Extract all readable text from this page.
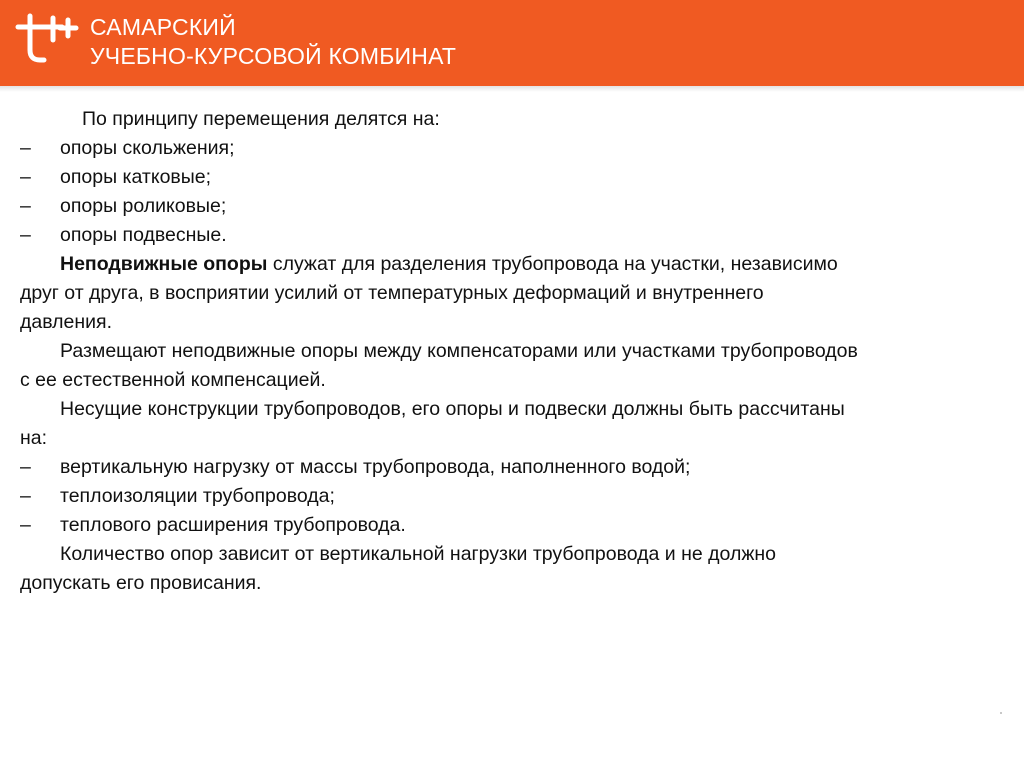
САМАРСКИЙ
УЧЕБНО-КУРСОВОЙ КОМБИНАТ
По принципу перемещения делятся на:
–	опоры скольжения;
–	опоры катковые;
–	опоры роликовые;
–	опоры подвесные.
Неподвижные опоры служат для разделения трубопровода на участки, независимо
друг от друга, в восприятии усилий от температурных деформаций и внутреннего
давления.
Размещают неподвижные опоры между компенсаторами или участками трубопроводов
с ее естественной компенсацией.
Несущие конструкции трубопроводов, его опоры и подвески должны быть рассчитаны
на:
–	вертикальную нагрузку от массы трубопровода, наполненного водой;
–	теплоизоляции трубопровода;
–	теплового расширения трубопровода.
Количество опор зависит от вертикальной нагрузки трубопровода и не должно
допускать его провисания.
